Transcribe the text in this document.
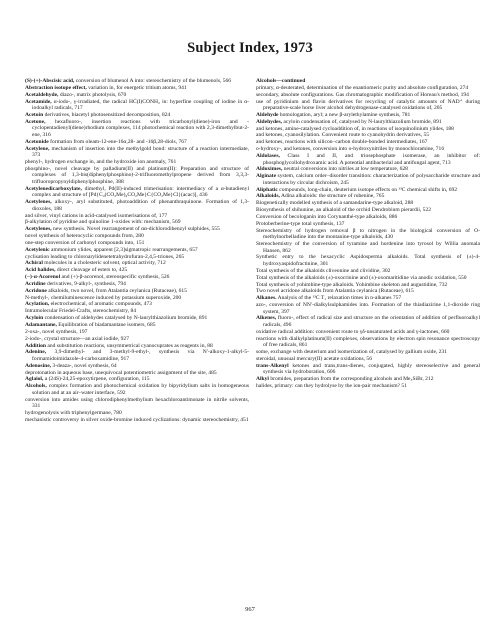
Subject Index, 1973

(S)-(+)-Abscisic acid, conversion of blumenol A into: stereochemistry of the blumenols, 566

Abstraction isotope effect, variation in, for energetic tritium atoms, 941

Acetaldehyde, diazo-, matrix photolysis, 670

Acetamide, α-iodo-, γ-irradiated, the radical HĊ(I)CONH₂ in: hyperfine coupling of iodine in α-iodoalkyl radicals, 717

Acetoin derivatives, biacetyl photosensitized decomposition, 824

Acetone, hexafluoro-, insertion reactions with tricarbonyl(diene)-iron and -cyclopentadienyl(diene)rhodium complexes, 114 photochemical reaction with 2,3-dimethylbut-2-ene, 316

Acetonide formation from oleam-12-ene-16α,28- and -16β,28-diols, 767

Acetylene, mechanism of insertion into the methylgold bond: structure of a reaction intermediate, 373

phenyl-, hydrogen exchange in, and the hydroxide ion anomaly, 761

phosphino-, novel cleavage by palladium(II) and platinum(II): Preparation and structure of complexes of 1,3-bis(diphenylphosphino)-2-trifluoromethylpropene derived from 3,3,3-trifluoropropynyldiphenylphosphine, 388

Acetylenedicarboxylate, dimethyl, Pd(II)-induced trimerisation: intermediacy of a α-butadienyl complex and structure of [Pd{C₄(CO₂Me)₄CO₂Me}C{CO₂Me}Cl}(acac)], 436

Acetylenes, alkoxy-, aryl substituted, photoaddition of phenanthraquinone. Formation of 1,3-dioxoles, 188

and silver, vinyl cations in acid-catalysed isomerisations of, 177

β-alkylation of pyridine and quinoline 1-oxides with: mechanism, 569

Acetylenes, new synthesis. Novel rearrangement of αα-dichlorodibenzyl sulphides, 555

novel synthesis of heterocyclic compounds from, 280

one-step conversion of carbonyl compounds into, 151

Acetylenic ammonium ylides, apparent [2,3]sigmatropic rearrangements, 657

cyclisation leading to chloroarylidenetetrahydrofuran-2,4,5-triones, 265

Achiral molecules in a cholesteric solvent, optical activity, 712

Acid halides, direct cleavage of esters to, 425

(−)-α-Acorenol and (+)-β-acorenol, stereospecific synthesis, 526

Acridine derivatives, 9-alkyl-, synthesis, 794

Acridone alkaloids, two novel, from Atalantia ceylanica (Rutaceae), 615

N-methyl-, chemiluminescence induced by potassium superoxide, 200

Acylation, electrochemical, of aromatic compounds, 473

Intramolecular Friedel-Crafts, stereochemistry, 84

Acyloin condensation of aldehydes catalysed by N-laurylthiazolium bromide, 891

Adamantane, Equilibration of biadamantane isomers, 685

2-oxa-, novel synthesis, 197

2-iodo-, crystal structure—an axial iodide, 927

Addition and substitution reactions, unsymmetrical cyanocuprates as reagents in, 88

Adenine, 3,9-dimethyl- and 3-methyl-9-ethyl-, synthesis via N′-alkoxy-1-alkyl-5-formamidoimidazole-4-carboxamidine, 917

Adenosine, 3-deaza-, novel synthesis, 64

deprotonation in aqueous base, unequivocal potentiometric assignment of the site, 485

Aglaiol, a (24S)-24,25-epoxytirpene, configuration, 115

Alcohols, complex formation and photochemical oxidation by bipyridylium salts in homogeneous solution and at an air–water interface, 592

conversion into amides using chlorodiphenylmethylium hexachloroantimonate in nitrile solvents, 331

hydrogenolysis with triphenylgermane, 780

mechanistic controversy in silver oxide-bromine induced cyclizations: dynamic stereochemistry, 451

Alcohols—continued

primary, α-deuterated, determination of the enantiomeric purity and absolute configuration, 274

secondary, absolute configurations. Gas chromatographic modification of Horeau's method, 194

use of pyridinium and flavin derivatives for recycling of catalytic amounts of NAD⁺ during preparative-scale horse liver alcohol dehydrogenase-catalysed oxidations of, 205

Aldehyde homologation, aryl; a new β-arylethylamine synthesis, 781

Aldehydes, acyloin condensation of, catalysed by N-laurylthiazolium bromide, 891

and ketones, amine-catalysed cycloaddition of, in reactions of isoquinolinium ylides, 188

and ketones, cyanosilylation. Convenient route to cyanohydrin derivatives, 55

and ketones, reactions with silicon–carbon double-bonded intermediates, 167

o-hydroxy-, and ketones, conversion into o-hydroxynitriles by monochloramine, 716

Aldolases, Class I and II, and triosephosphate isomerase, an inhibitor of: phosphoglycollohydroxamic acid. A potential antibacterial and antifungal agent, 713

Aldoximes, neutral conversions into nitriles at low temperature, 628

Alginate system, calcium order–disorder transition: characterization of polysaccharide structure and interactions by circular dichroism, 245

Aliphatic compounds, long-chain, deuterium isotope effects on ¹³C chemical shifts in, 692

Alkaloids, Adina alkaloids: the structure of rubenine, 765

Biogenetically modelled synthesis of a samandarine-type alkaloid, 288

Biosynthesis of shihunine, an alkaloid of the orchid Dendrobium pierardii, 522

Conversion of becologanin into Corynanthé-type alkaloids, 886

Protoberberine-type total synthesis, 137

Stereochemistry of hydrogen removal β to nitrogen in the biological conversion of O-methylnorbelladine into the montanine-type alkaloids, 430

Stereochemistry of the conversion of tyramine and hordenine into tyrosol by Willia anomala Hansen, 862

Synthetic entry to the hexacyclic Aspidosperma alkaloids. Total synthesis of (±)-4-hydroxyaspidofractinine, 301

Total synthesis of the alkaloids cliveonine and clividine, 302

Total synthesis of the alkaloids (±)-oxocrinine and (±)-oxomaritidine via anodic oxidation, 550

Total synthesis of yohimbine-type alkaloids. Yohimbine skeleton and augustidine, 732

Two novel acridone alkaloids from Atalantia ceylanica (Rutaceae), 615

Alkanes. Analysis of the ¹³C T₁ relaxation times in n-alkanes 757

azo-, conversion of NN′-dialkylsulphamides into. Formation of the thiadiazirine 1,1-dioxide ring system, 397

Alkenes, fluoro-, effect of radical size and structure on the orientation of addition of perfluoroalkyl radicals, 496

oxidative radical addition: convenient route to γδ-unsaturated acids and γ-lactones, 660

reactions with dialkylplatinum(II) complexes, observations by electron spin resonance spectroscopy of free radicals, 861

some, exchange with deuterium and isomerization of, catalysed by gallium oxide, 231

steroidal, unusual mercury(II) acetate oxidations, 56

trans-Alkenyl ketones and trans,trans-dienes, conjugated, highly stereoselective and general synthesis via hydroboration, 606

Alkyl bromides, preparation from the corresponding alcohols and Me₃SiBr, 212

halides, primary: can they hydrolyse by the ion-pair mechanism? 51

967
